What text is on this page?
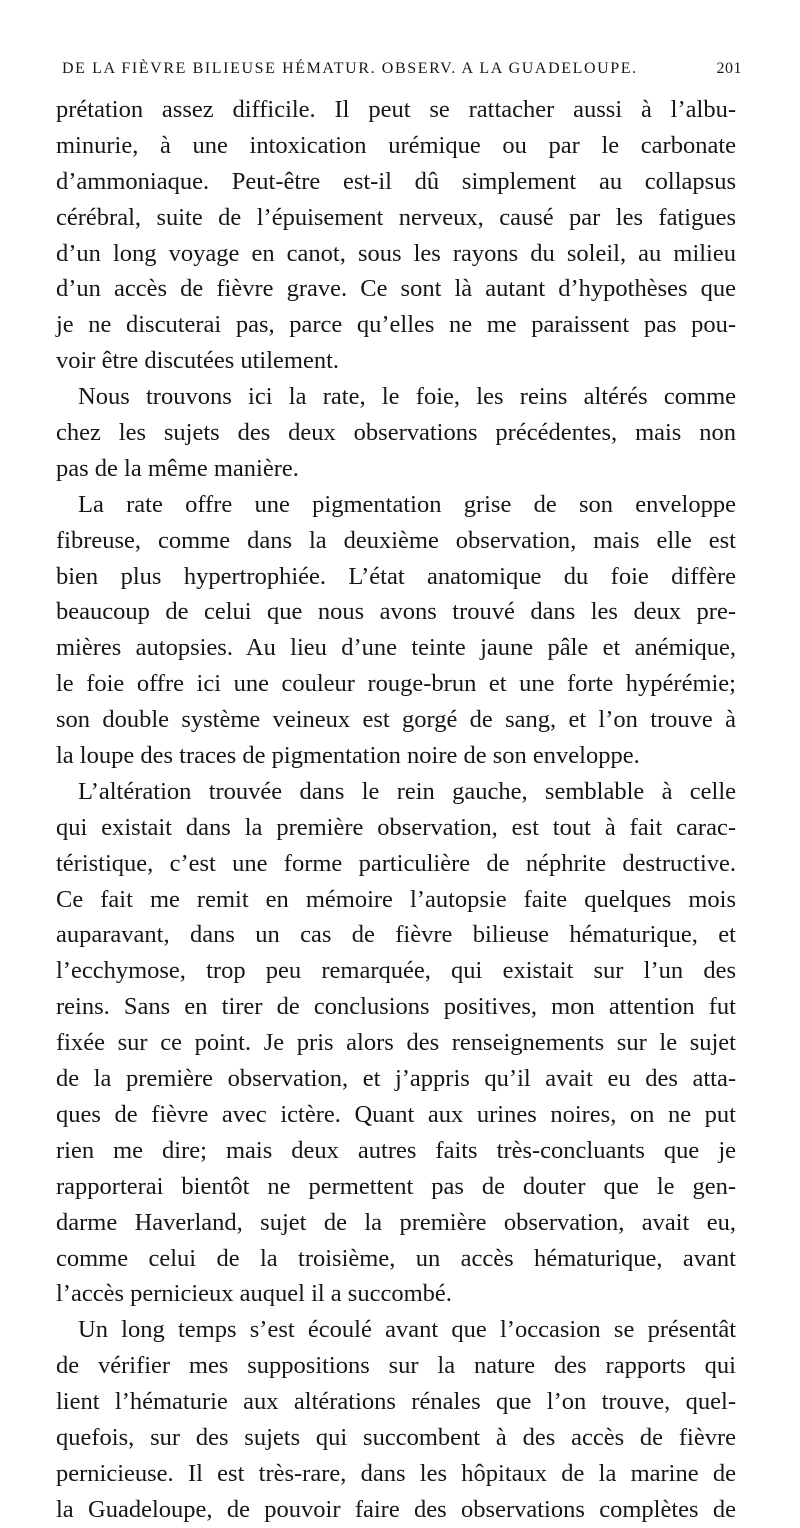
DE LA FIÈVRE BILIEUSE HÉMATUR. OBSERV. A LA GUADELOUPE.	201
prétation assez difficile. Il peut se rattacher aussi à l’albu-
minurie, à une intoxication urémique ou par le carbonate
d’ammoniaque. Peut-être est-il dû simplement au collapsus
cérébral, suite de l’épuisement nerveux, causé par les fatigues
d’un long voyage en canot, sous les rayons du soleil, au milieu
d’un accès de fièvre grave. Ce sont là autant d’hypothèses que
je ne discuterai pas, parce qu’elles ne me paraissent pas pou-
voir être discutées utilement.
Nous trouvons ici la rate, le foie, les reins altérés comme
chez les sujets des deux observations précédentes, mais non
pas de la même manière.
La rate offre une pigmentation grise de son enveloppe
fibreuse, comme dans la deuxième observation, mais elle est
bien plus hypertrophiée. L’état anatomique du foie diffère
beaucoup de celui que nous avons trouvé dans les deux pre-
mières autopsies. Au lieu d’une teinte jaune pâle et anémique,
le foie offre ici une couleur rouge-brun et une forte hypérémie;
son double système veineux est gorgé de sang, et l’on trouve à
la loupe des traces de pigmentation noire de son enveloppe.
L’altération trouvée dans le rein gauche, semblable à celle
qui existait dans la première observation, est tout à fait carac-
téristique, c’est une forme particulière de néphrite destructive.
Ce fait me remit en mémoire l’autopsie faite quelques mois
auparavant, dans un cas de fièvre bilieuse hématurique, et
l’ecchymose, trop peu remarquée, qui existait sur l’un des
reins. Sans en tirer de conclusions positives, mon attention fut
fixée sur ce point. Je pris alors des renseignements sur le sujet
de la première observation, et j’appris qu’il avait eu des atta-
ques de fièvre avec ictère. Quant aux urines noires, on ne put
rien me dire; mais deux autres faits très-concluants que je
rapporterai bientôt ne permettent pas de douter que le gen-
darme Haverland, sujet de la première observation, avait eu,
comme celui de la troisième, un accès hématurique, avant
l’accès pernicieux auquel il a succombé.
Un long temps s’est écoulé avant que l’occasion se présentât
de vérifier mes suppositions sur la nature des rapports qui
lient l’hématurie aux altérations rénales que l’on trouve, quel-
quefois, sur des sujets qui succombent à des accès de fièvre
pernicieuse. Il est très-rare, dans les hôpitaux de la marine de
la Guadeloupe, de pouvoir faire des observations complètes de
